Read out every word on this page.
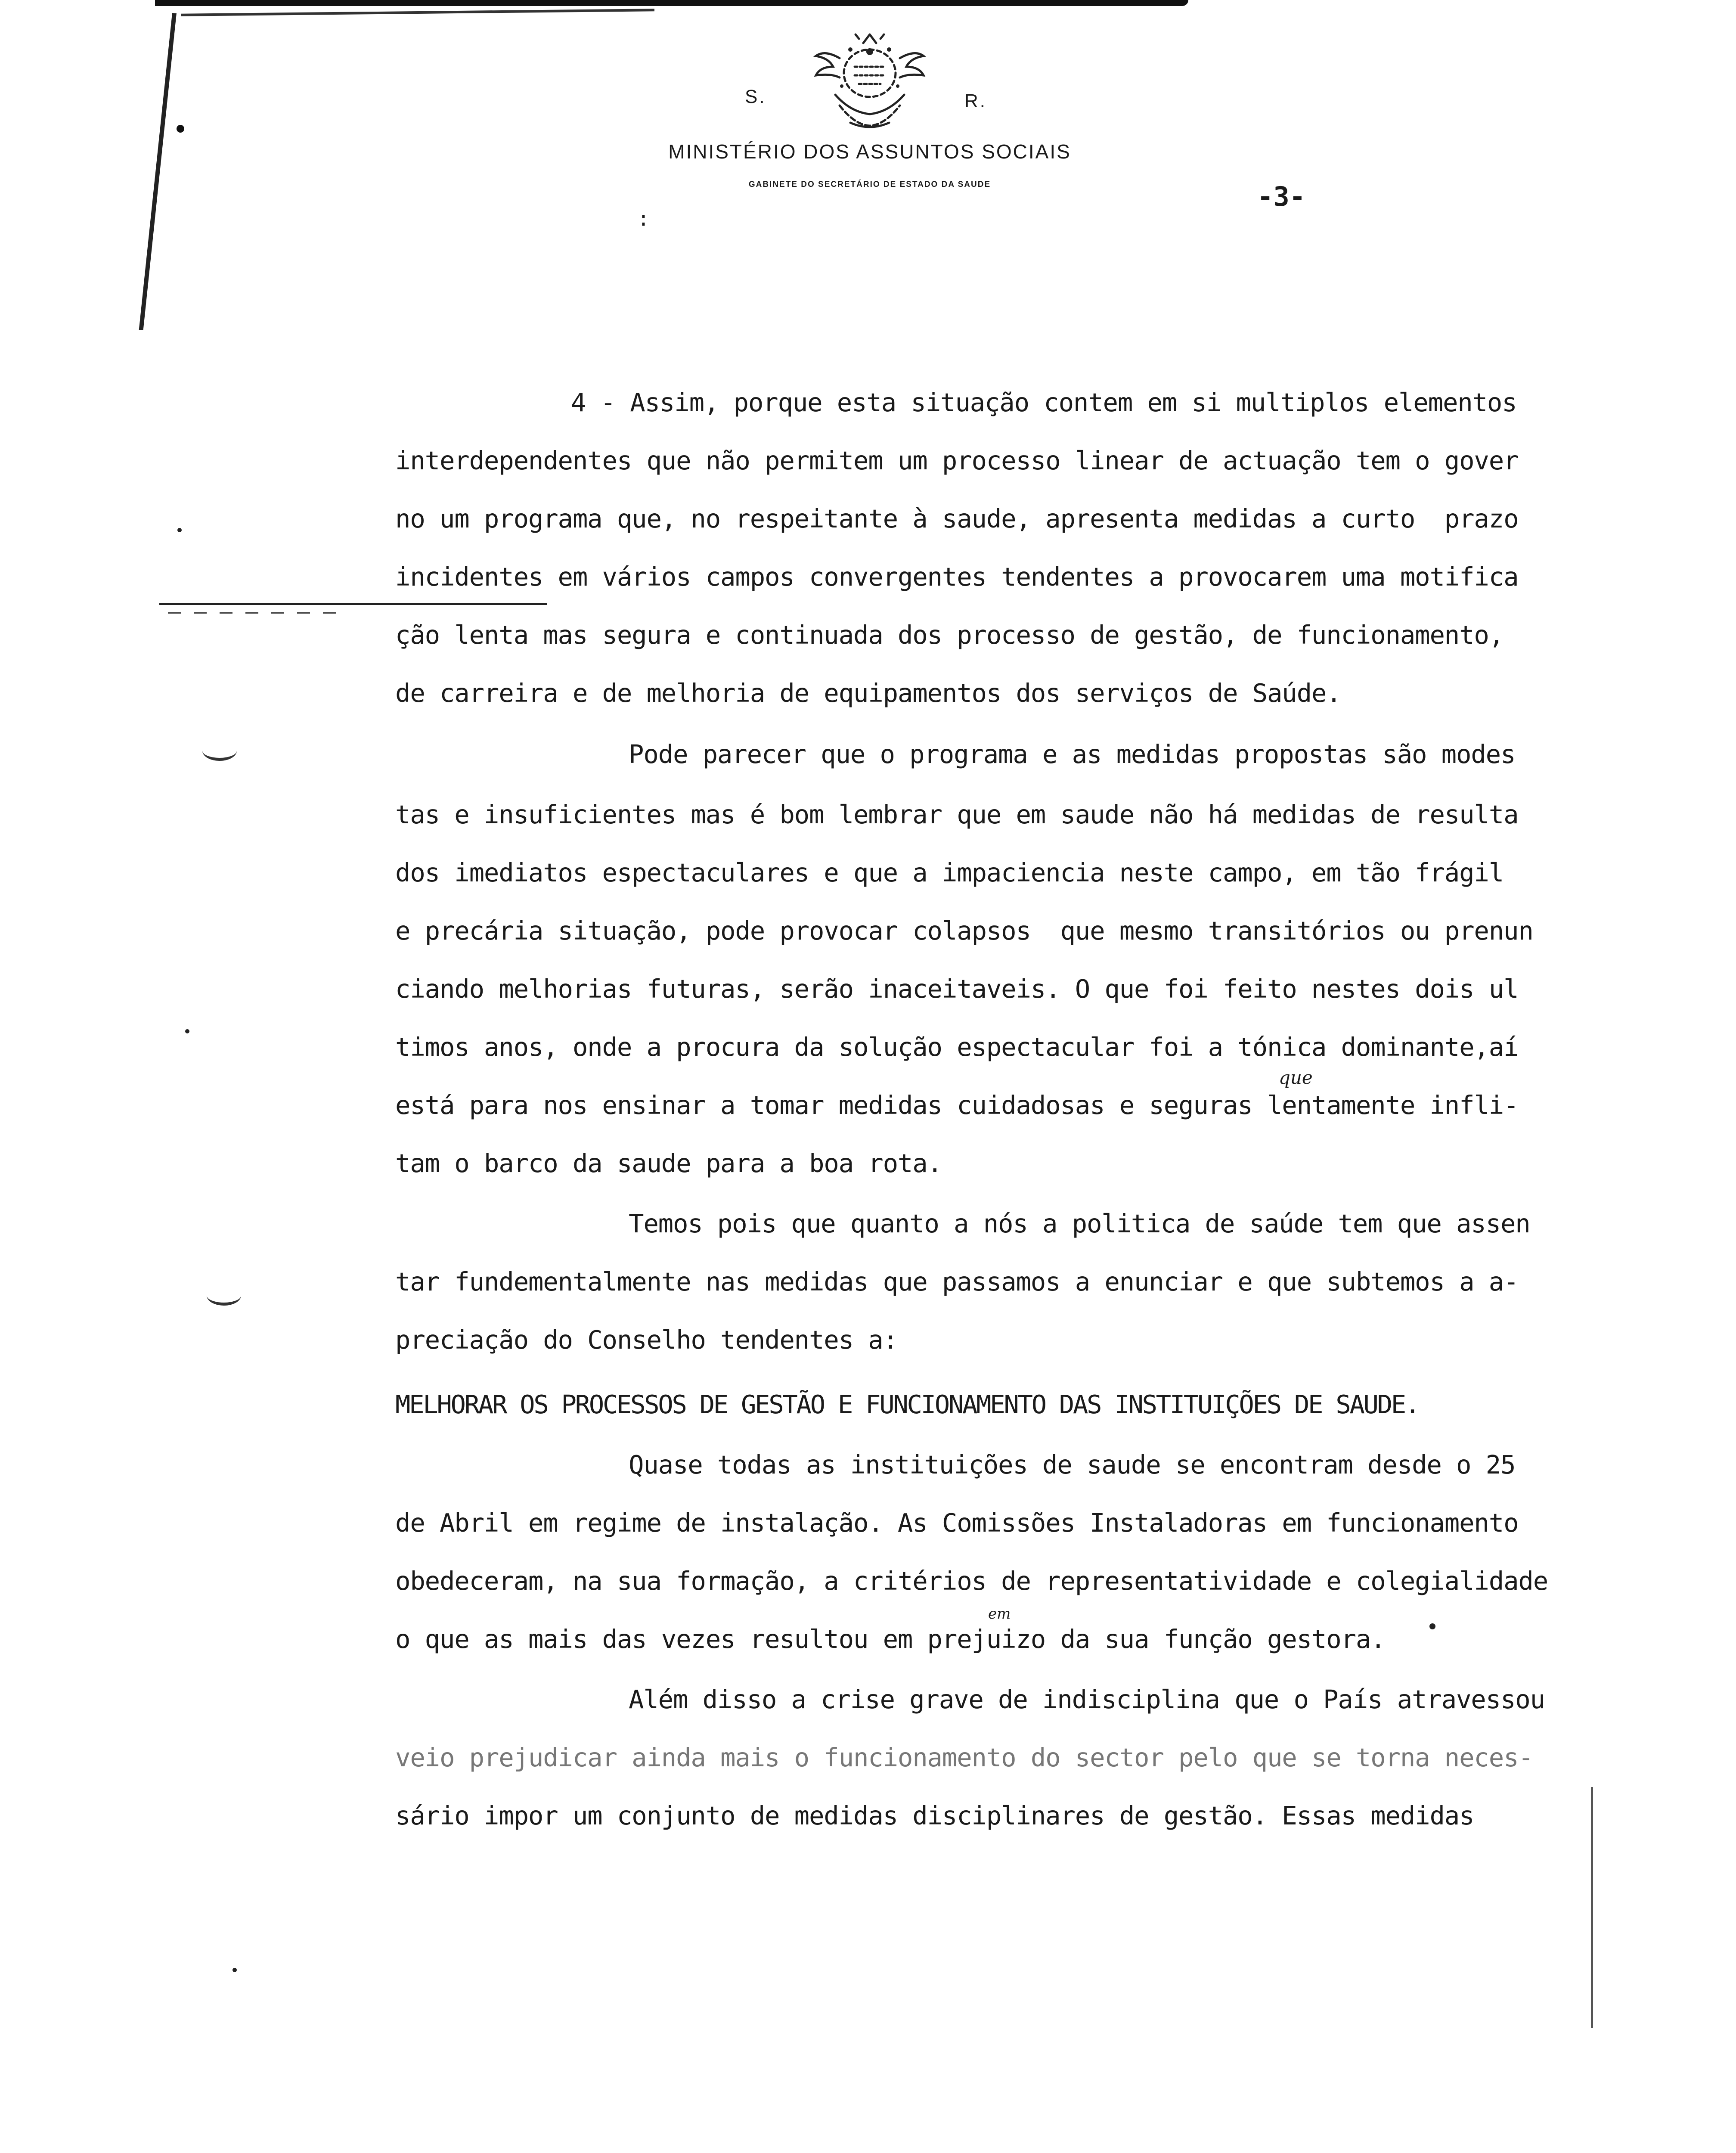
S.	R.
MINISTÉRIO DOS ASSUNTOS SOCIAIS
GABINETE DO SECRETÁRIO DE ESTADO DA SAUDE	-3-
:
4 - Assim, porque esta situação contem em si multiplos elementos
interdependentes que não permitem um processo linear de actuação tem o gover
no um programa que, no respeitante à saude, apresenta medidas a curto  prazo
incidentes em vários campos convergentes tendentes a provocarem uma motifica
ção lenta mas segura e continuada dos processo de gestão, de funcionamento,
de carreira e de melhoria de equipamentos dos serviços de Saúde.
Pode parecer que o programa e as medidas propostas são modes
tas e insuficientes mas é bom lembrar que em saude não há medidas de resulta
dos imediatos espectaculares e que a impaciencia neste campo, em tão frágil
e precária situação, pode provocar colapsos  que mesmo transitórios ou prenun
ciando melhorias futuras, serão inaceitaveis. O que foi feito nestes dois ul
timos anos, onde a procura da solução espectacular foi a tónica dominante,aí
está para nos ensinar a tomar medidas cuidadosas e seguras lentamente infli-
tam o barco da saude para a boa rota.
Temos pois que quanto a nós a politica de saúde tem que assen
tar fundementalmente nas medidas que passamos a enunciar e que subtemos a a-
preciação do Conselho tendentes a:
MELHORAR OS PROCESSOS DE GESTÃO E FUNCIONAMENTO DAS INSTITUIÇÕES DE SAUDE.
Quase todas as instituições de saude se encontram desde o 25
de Abril em regime de instalação. As Comissões Instaladoras em funcionamento
obedeceram, na sua formação, a critérios de representatividade e colegialidade
o que as mais das vezes resultou em prejuizo da sua função gestora.
Além disso a crise grave de indisciplina que o País atravessou
veio prejudicar ainda mais o funcionamento do sector pelo que se torna neces-
sário impor um conjunto de medidas disciplinares de gestão. Essas medidas
que
em
